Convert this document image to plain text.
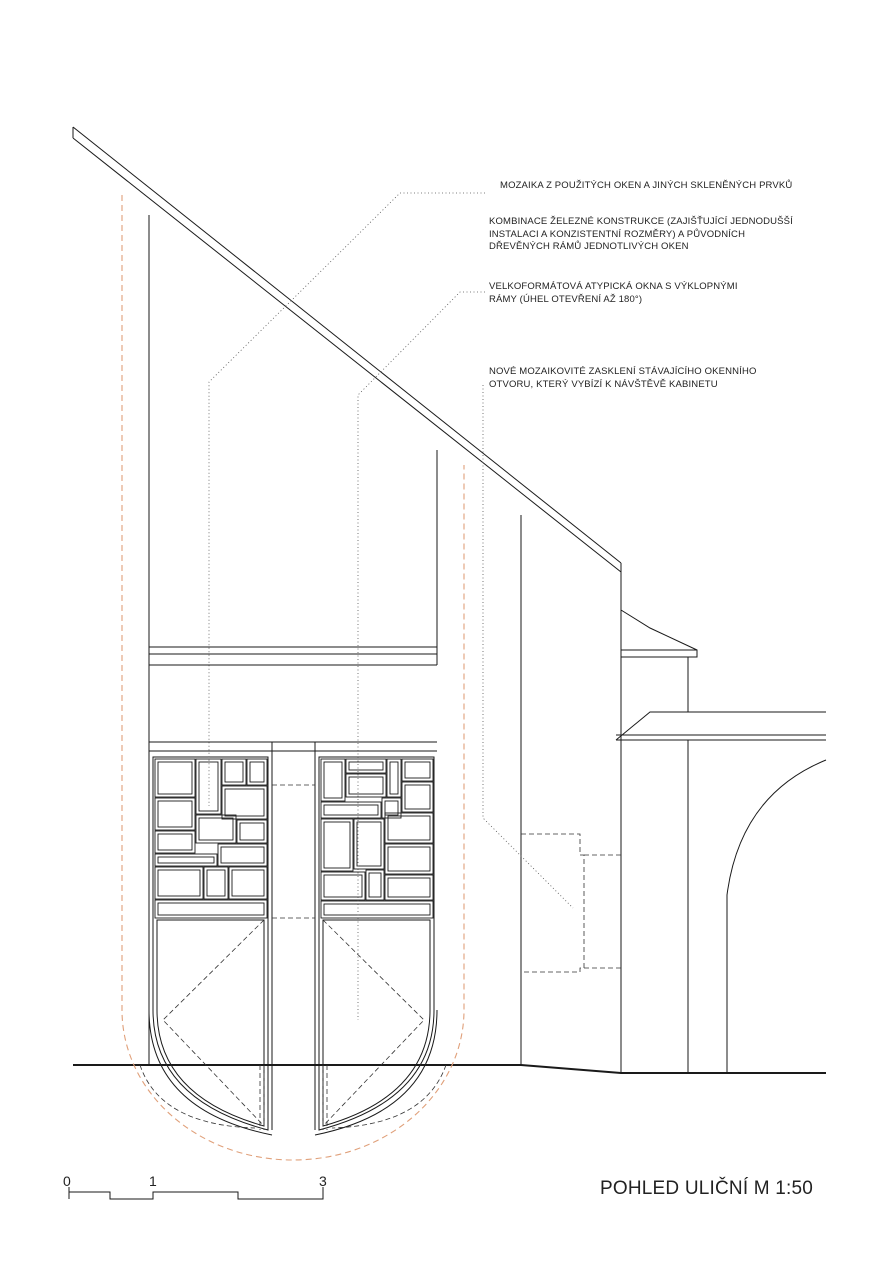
MOZAIKA Z POUŽITÝCH OKEN A JINÝCH SKLENĚNÝCH PRVKŮ
KOMBINACE ŽELEZNÉ KONSTRUKCE (ZAJIŠŤUJÍCÍ JEDNODUŠŠÍ
INSTALACI A KONZISTENTNÍ ROZMĚRY) A PŮVODNÍCH
DŘEVĚNÝCH RÁMŮ JEDNOTLIVÝCH OKEN
VELKOFORMÁTOVÁ ATYPICKÁ OKNA S VÝKLOPNÝMI
RÁMY (ÚHEL OTEVŘENÍ AŽ 180°)
NOVÉ MOZAIKOVITÉ ZASKLENÍ STÁVAJÍCÍHO OKENNÍHO
OTVORU, KTERÝ VYBÍZÍ K NÁVŠTĚVĚ KABINETU
0	1	3	POHLED ULIČNÍ M 1:50
